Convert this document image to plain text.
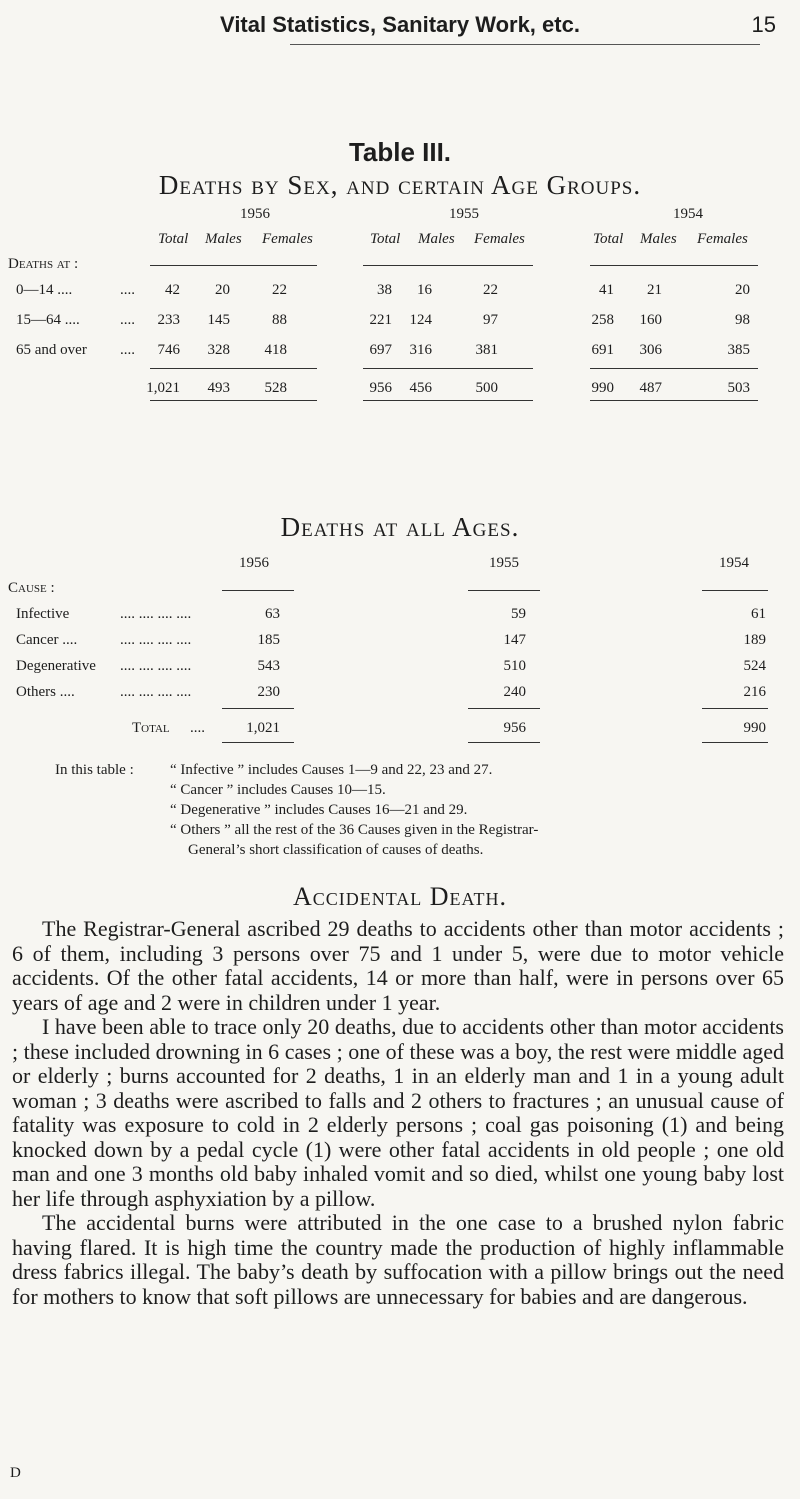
Vital Statistics, Sanitary Work, etc.	15
Table III.
Deaths by Sex, and certain Age Groups.
1956	1955	1954
Total Males Females	Total Males Females	Total Males Females
Deaths at :
0—14 ....	....	42	20	22	38	16	22	41	21	20
15—64 ....	....	233	145	88	221	124	97	258	160	98
65 and over ....	746	328	418	697	316	381	691	306	385
1,021	493	528	956	456	500	990	487	503
Deaths at all Ages.
1956	1955	1954
Cause :
Infective	.... .... .... ....	63	59	61
Cancer ....	.... .... .... ....	185	147	189
Degenerative .... .... .... ....	543	510	524
Others ....	.... .... .... ....	230	240	216
Total ....	1,021	956	990
In this table : “ Infective ” includes Causes 1—9 and 22, 23 and 27.
“ Cancer ” includes Causes 10—15.
“ Degenerative ” includes Causes 16—21 and 29.
“ Others ” all the rest of the 36 Causes given in the Registrar-
General’s short classification of causes of deaths.
Accidental Death.

The Registrar-General ascribed 29 deaths to accidents other than motor accidents ; 6 of them, including 3 persons over 75 and 1 under 5, were due to motor vehicle accidents. Of the other fatal accidents, 14 or more than half, were in persons over 65 years of age and 2 were in children under 1 year.

I have been able to trace only 20 deaths, due to accidents other than motor accidents ; these included drowning in 6 cases ; one of these was a boy, the rest were middle aged or elderly ; burns accounted for 2 deaths, 1 in an elderly man and 1 in a young adult woman ; 3 deaths were ascribed to falls and 2 others to fractures ; an unusual cause of fatality was exposure to cold in 2 elderly persons ; coal gas poisoning (1) and being knocked down by a pedal cycle (1) were other fatal accidents in old people ; one old man and one 3 months old baby inhaled vomit and so died, whilst one young baby lost her life through asphyxiation by a pillow.

The accidental burns were attributed in the one case to a brushed nylon fabric having flared. It is high time the country made the production of highly inflammable dress fabrics illegal. The baby’s death by suffocation with a pillow brings out the need for mothers to know that soft pillows are unnecessary for babies and are dangerous.

D
